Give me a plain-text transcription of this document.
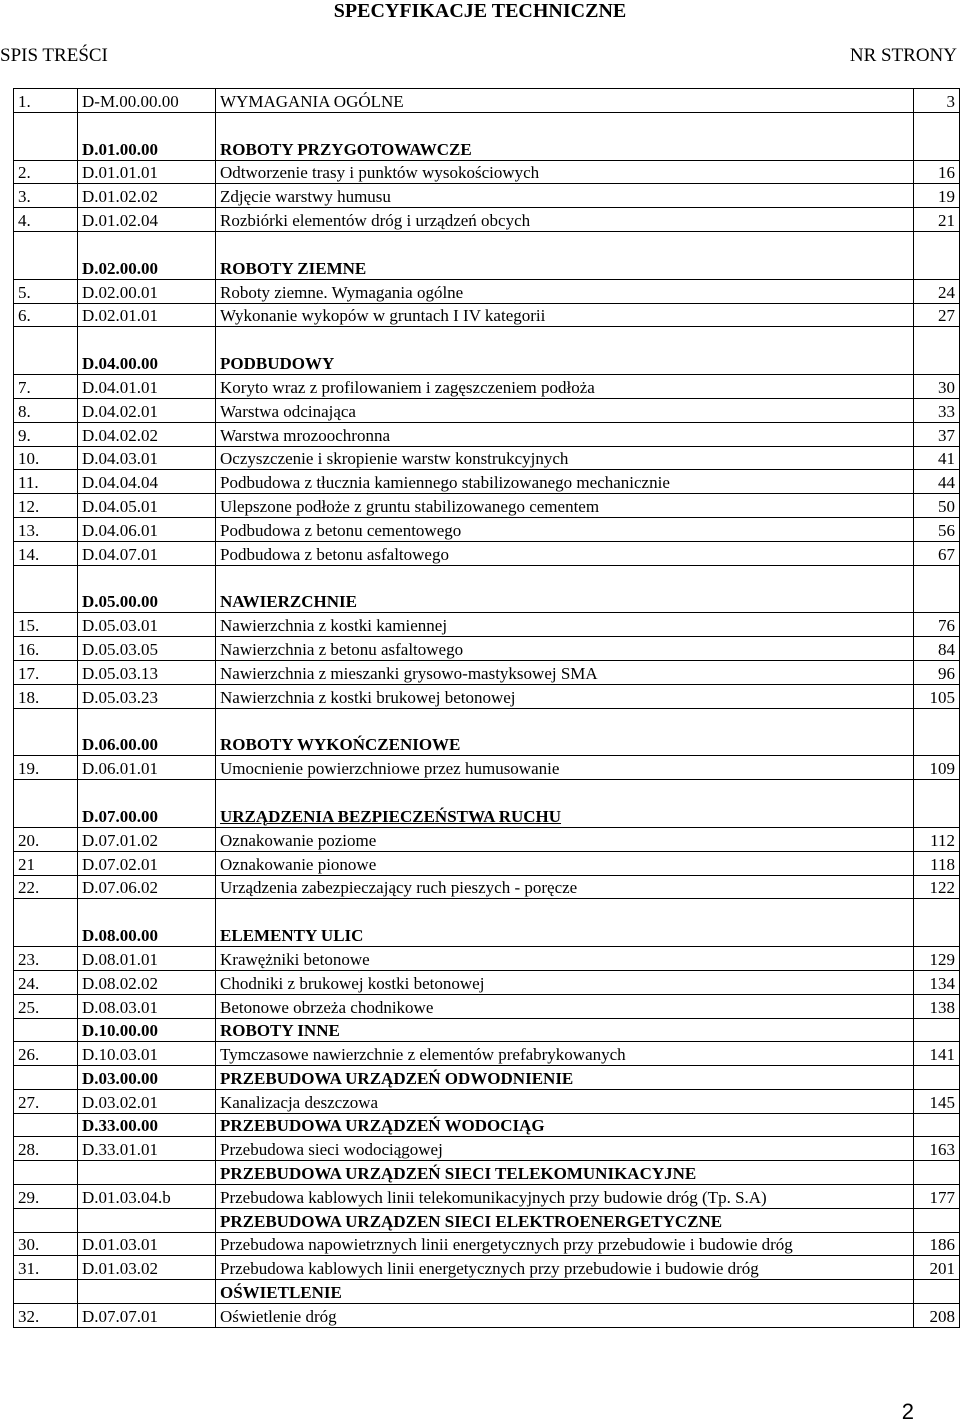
SPECYFIKACJE TECHNICZNE
SPIS TREŚCI	NR STRONY
1.	D-M.00.00.00	WYMAGANIA OGÓLNE	3

	D.01.00.00	ROBOTY PRZYGOTOWAWCZE	
2.	D.01.01.01	Odtworzenie trasy i punktów wysokościowych	16
3.	D.01.02.02	Zdjęcie warstwy humusu	19
4.	D.01.02.04	Rozbiórki elementów dróg i urządzeń obcych	21

	D.02.00.00	ROBOTY ZIEMNE	
5.	D.02.00.01	Roboty ziemne. Wymagania ogólne	24
6.	D.02.01.01	Wykonanie wykopów w gruntach I IV kategorii	27

	D.04.00.00	PODBUDOWY	
7.	D.04.01.01	Koryto wraz z profilowaniem i zagęszczeniem podłoża	30
8.	D.04.02.01	Warstwa odcinająca	33
9.	D.04.02.02	Warstwa mrozoochronna	37
10.	D.04.03.01	Oczyszczenie i skropienie warstw konstrukcyjnych	41
11.	D.04.04.04	Podbudowa z tłucznia kamiennego stabilizowanego mechanicznie	44
12.	D.04.05.01	Ulepszone podłoże z gruntu stabilizowanego cementem	50
13.	D.04.06.01	Podbudowa z betonu cementowego	56
14.	D.04.07.01	Podbudowa z betonu asfaltowego	67

	D.05.00.00	NAWIERZCHNIE	
15.	D.05.03.01	Nawierzchnia z kostki kamiennej	76
16.	D.05.03.05	Nawierzchnia z betonu asfaltowego	84
17.	D.05.03.13	Nawierzchnia z mieszanki grysowo-mastyksowej SMA	96
18.	D.05.03.23	Nawierzchnia z kostki brukowej betonowej	105

	D.06.00.00	ROBOTY WYKOŃCZENIOWE	
19.	D.06.01.01	Umocnienie powierzchniowe przez humusowanie	109

	D.07.00.00	URZĄDZENIA BEZPIECZEŃSTWA RUCHU	
20.	D.07.01.02	Oznakowanie poziome	112
21	D.07.02.01	Oznakowanie pionowe	118
22.	D.07.06.02	Urządzenia zabezpieczający ruch pieszych - poręcze	122

	D.08.00.00	ELEMENTY ULIC	
23.	D.08.01.01	Krawężniki betonowe	129
24.	D.08.02.02	Chodniki z brukowej kostki betonowej	134
25.	D.08.03.01	Betonowe obrzeża chodnikowe	138
	D.10.00.00	ROBOTY INNE	
26.	D.10.03.01	Tymczasowe nawierzchnie z elementów prefabrykowanych	141
	D.03.00.00	PRZEBUDOWA URZĄDZEŃ ODWODNIENIE	
27.	D.03.02.01	Kanalizacja deszczowa	145
	D.33.00.00	PRZEBUDOWA URZĄDZEŃ WODOCIĄG	
28.	D.33.01.01	Przebudowa sieci wodociągowej	163
		PRZEBUDOWA URZĄDZEŃ SIECI TELEKOMUNIKACYJNE	
29.	D.01.03.04.b	Przebudowa kablowych linii telekomunikacyjnych przy budowie dróg (Tp. S.A)	177
		PRZEBUDOWA URZĄDZEN SIECI ELEKTROENERGETYCZNE	
30.	D.01.03.01	Przebudowa napowietrznych linii energetycznych przy przebudowie i budowie dróg	186
31.	D.01.03.02	Przebudowa kablowych linii energetycznych przy przebudowie i budowie dróg	201
		OŚWIETLENIE	
32.	D.07.07.01	Oświetlenie dróg	208
2
